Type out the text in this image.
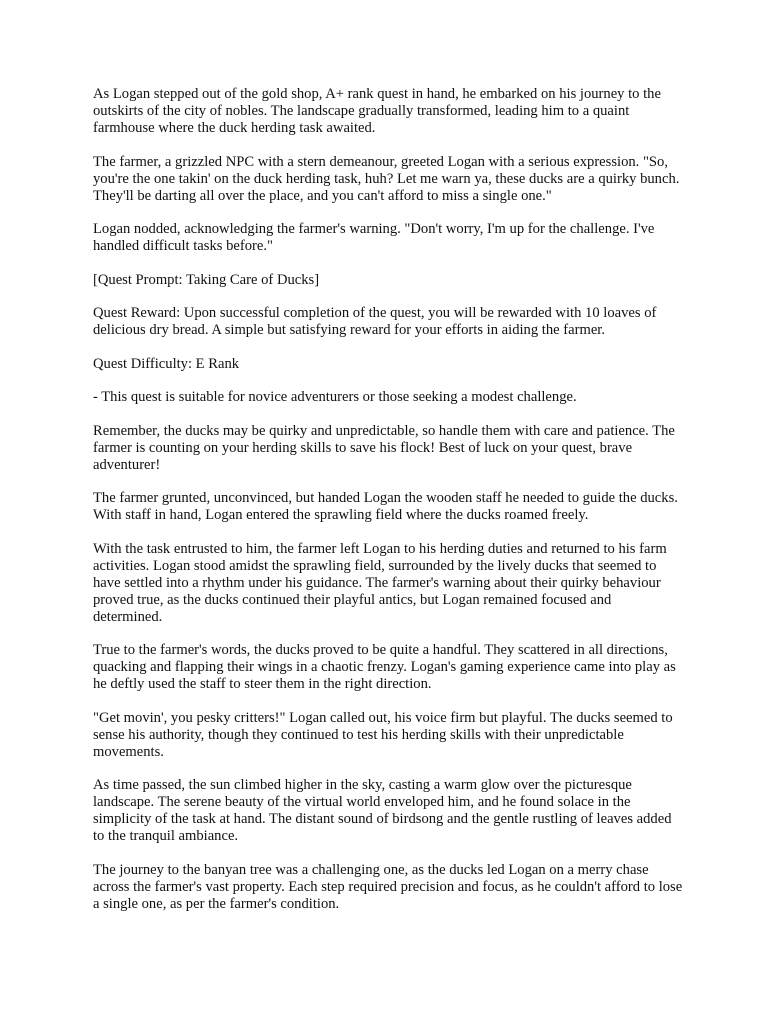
As Logan stepped out of the gold shop, A+ rank quest in hand, he embarked on his journey to the outskirts of the city of nobles. The landscape gradually transformed, leading him to a quaint farmhouse where the duck herding task awaited.

The farmer, a grizzled NPC with a stern demeanour, greeted Logan with a serious expression. "So, you're the one takin' on the duck herding task, huh? Let me warn ya, these ducks are a quirky bunch. They'll be darting all over the place, and you can't afford to miss a single one."

Logan nodded, acknowledging the farmer's warning. "Don't worry, I'm up for the challenge. I've handled difficult tasks before."

[Quest Prompt: Taking Care of Ducks]

Quest Reward: Upon successful completion of the quest, you will be rewarded with 10 loaves of delicious dry bread. A simple but satisfying reward for your efforts in aiding the farmer.

Quest Difficulty: E Rank

- This quest is suitable for novice adventurers or those seeking a modest challenge.

Remember, the ducks may be quirky and unpredictable, so handle them with care and patience. The farmer is counting on your herding skills to save his flock! Best of luck on your quest, brave adventurer!

The farmer grunted, unconvinced, but handed Logan the wooden staff he needed to guide the ducks. With staff in hand, Logan entered the sprawling field where the ducks roamed freely.

With the task entrusted to him, the farmer left Logan to his herding duties and returned to his farm activities. Logan stood amidst the sprawling field, surrounded by the lively ducks that seemed to have settled into a rhythm under his guidance. The farmer's warning about their quirky behaviour proved true, as the ducks continued their playful antics, but Logan remained focused and determined.

True to the farmer's words, the ducks proved to be quite a handful. They scattered in all directions, quacking and flapping their wings in a chaotic frenzy. Logan's gaming experience came into play as he deftly used the staff to steer them in the right direction.

"Get movin', you pesky critters!" Logan called out, his voice firm but playful. The ducks seemed to sense his authority, though they continued to test his herding skills with their unpredictable movements.

As time passed, the sun climbed higher in the sky, casting a warm glow over the picturesque landscape. The serene beauty of the virtual world enveloped him, and he found solace in the simplicity of the task at hand. The distant sound of birdsong and the gentle rustling of leaves added to the tranquil ambiance.

The journey to the banyan tree was a challenging one, as the ducks led Logan on a merry chase across the farmer's vast property. Each step required precision and focus, as he couldn't afford to lose a single one, as per the farmer's condition.
